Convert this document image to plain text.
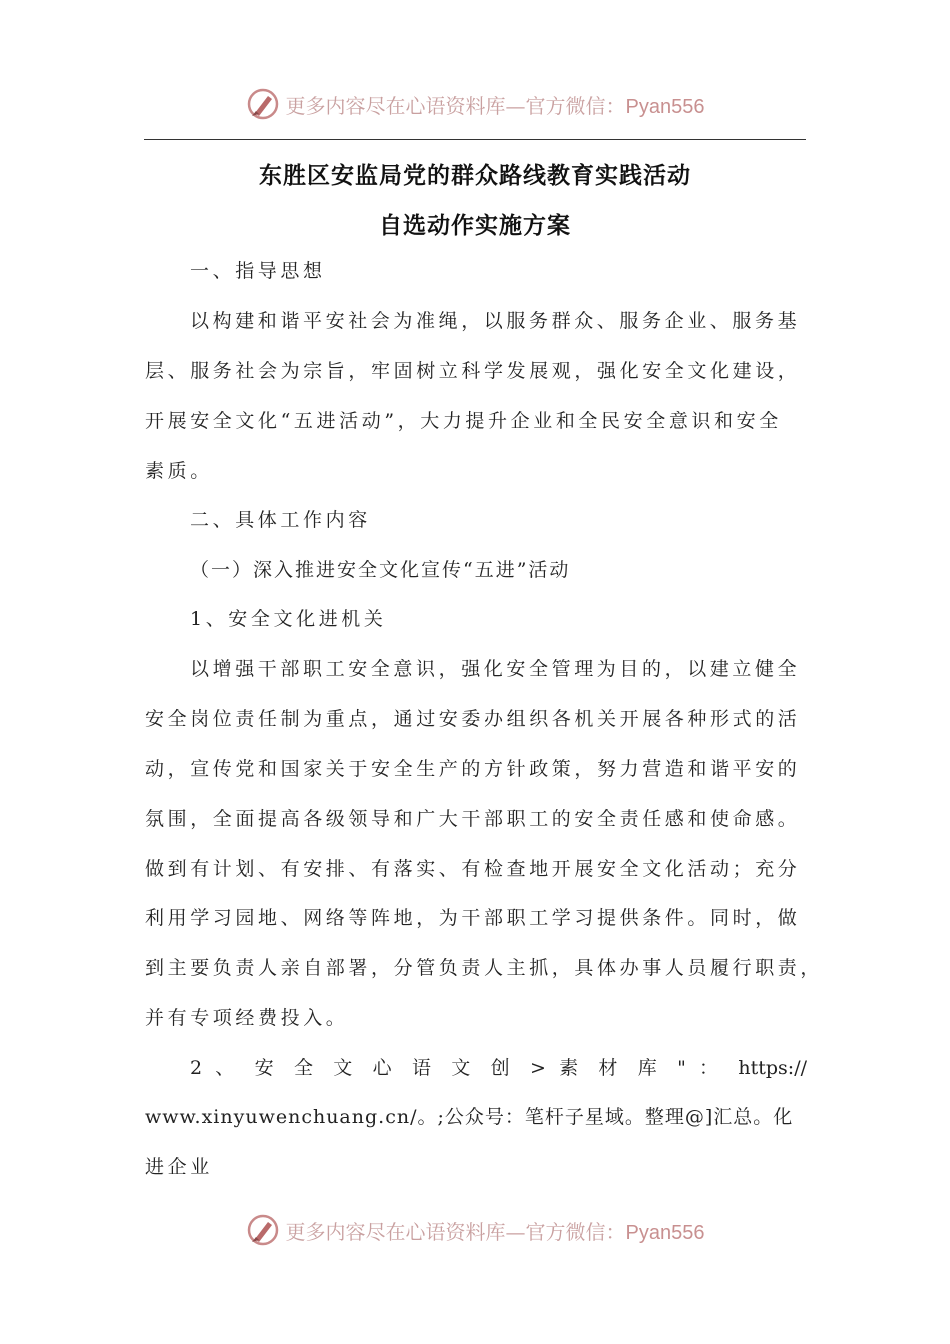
更多内容尽在心语资料库—官方微信：Pyan556
东胜区安监局党的群众路线教育实践活动
自选动作实施方案
一、指导思想
以构建和谐平安社会为准绳，以服务群众、服务企业、服务基
层、服务社会为宗旨，牢固树立科学发展观，强化安全文化建设，
开展安全文化“五进活动”，大力提升企业和全民安全意识和安全
素质。
二、具体工作内容
（一）深入推进安全文化宣传“五进”活动
1、安全文化进机关
以增强干部职工安全意识，强化安全管理为目的，以建立健全
安全岗位责任制为重点，通过安委办组织各机关开展各种形式的活
动，宣传党和国家关于安全生产的方针政策，努力营造和谐平安的
氛围，全面提高各级领导和广大干部职工的安全责任感和使命感。
做到有计划、有安排、有落实、有检查地开展安全文化活动；充分
利用学习园地、网络等阵地，为干部职工学习提供条件。同时，做
到主要负责人亲自部署，分管负责人主抓，具体办事人员履行职责，
并有专项经费投入。
2 、 安 全 文 心 语 文 创 > 素 材 库 " ： https://
www.xinyuwenchuang.cn/。;公众号：笔杆子星域。整理@]汇总。化
进企业
更多内容尽在心语资料库—官方微信：Pyan556
